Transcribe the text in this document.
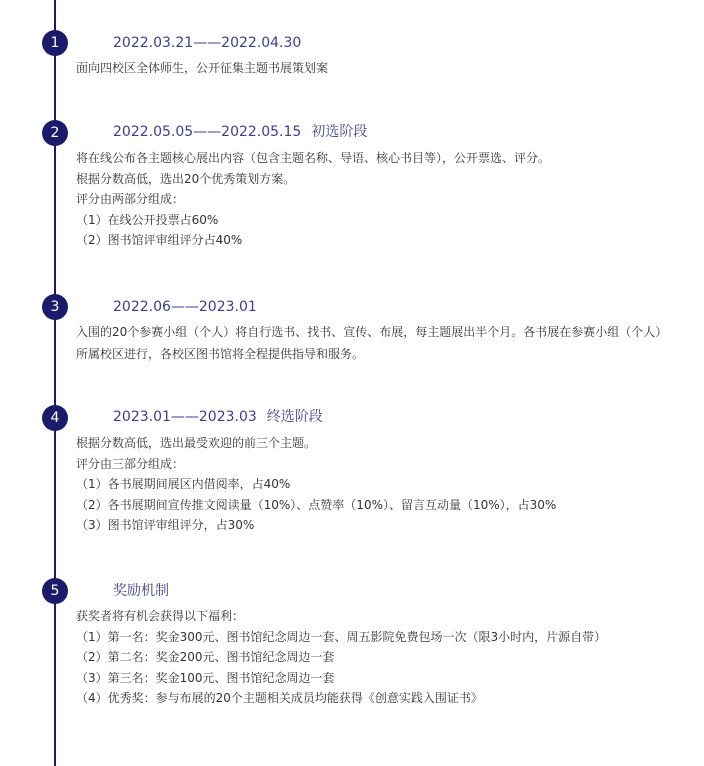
1	2022.03.21——2022.04.30
面向四校区全体师生，公开征集主题书展策划案
2	2022.05.05——2022.05.15 初选阶段
将在线公布各主题核心展出内容（包含主题名称、导语、核心书目等），公开票选、评分。
根据分数高低，选出20个优秀策划方案。
评分由两部分组成：
（1）在线公开投票占60%
（2）图书馆评审组评分占40%
3	2022.06——2023.01
入围的20个参赛小组（个人）将自行选书、找书、宣传、布展，每主题展出半个月。各书展在参赛小组（个人）所属校区进行，各校区图书馆将全程提供指导和服务。
4	2023.01——2023.03 终选阶段
根据分数高低，选出最受欢迎的前三个主题。
评分由三部分组成：
（1）各书展期间展区内借阅率，占40%
（2）各书展期间宣传推文阅读量（10%）、点赞率（10%）、留言互动量（10%），占30%
（3）图书馆评审组评分，占30%
5	奖励机制
获奖者将有机会获得以下福利：
（1）第一名：奖金300元、图书馆纪念周边一套、周五影院免费包场一次（限3小时内，片源自带）
（2）第二名：奖金200元、图书馆纪念周边一套
（3）第三名：奖金100元、图书馆纪念周边一套
（4）优秀奖：参与布展的20个主题相关成员均能获得《创意实践入围证书》
